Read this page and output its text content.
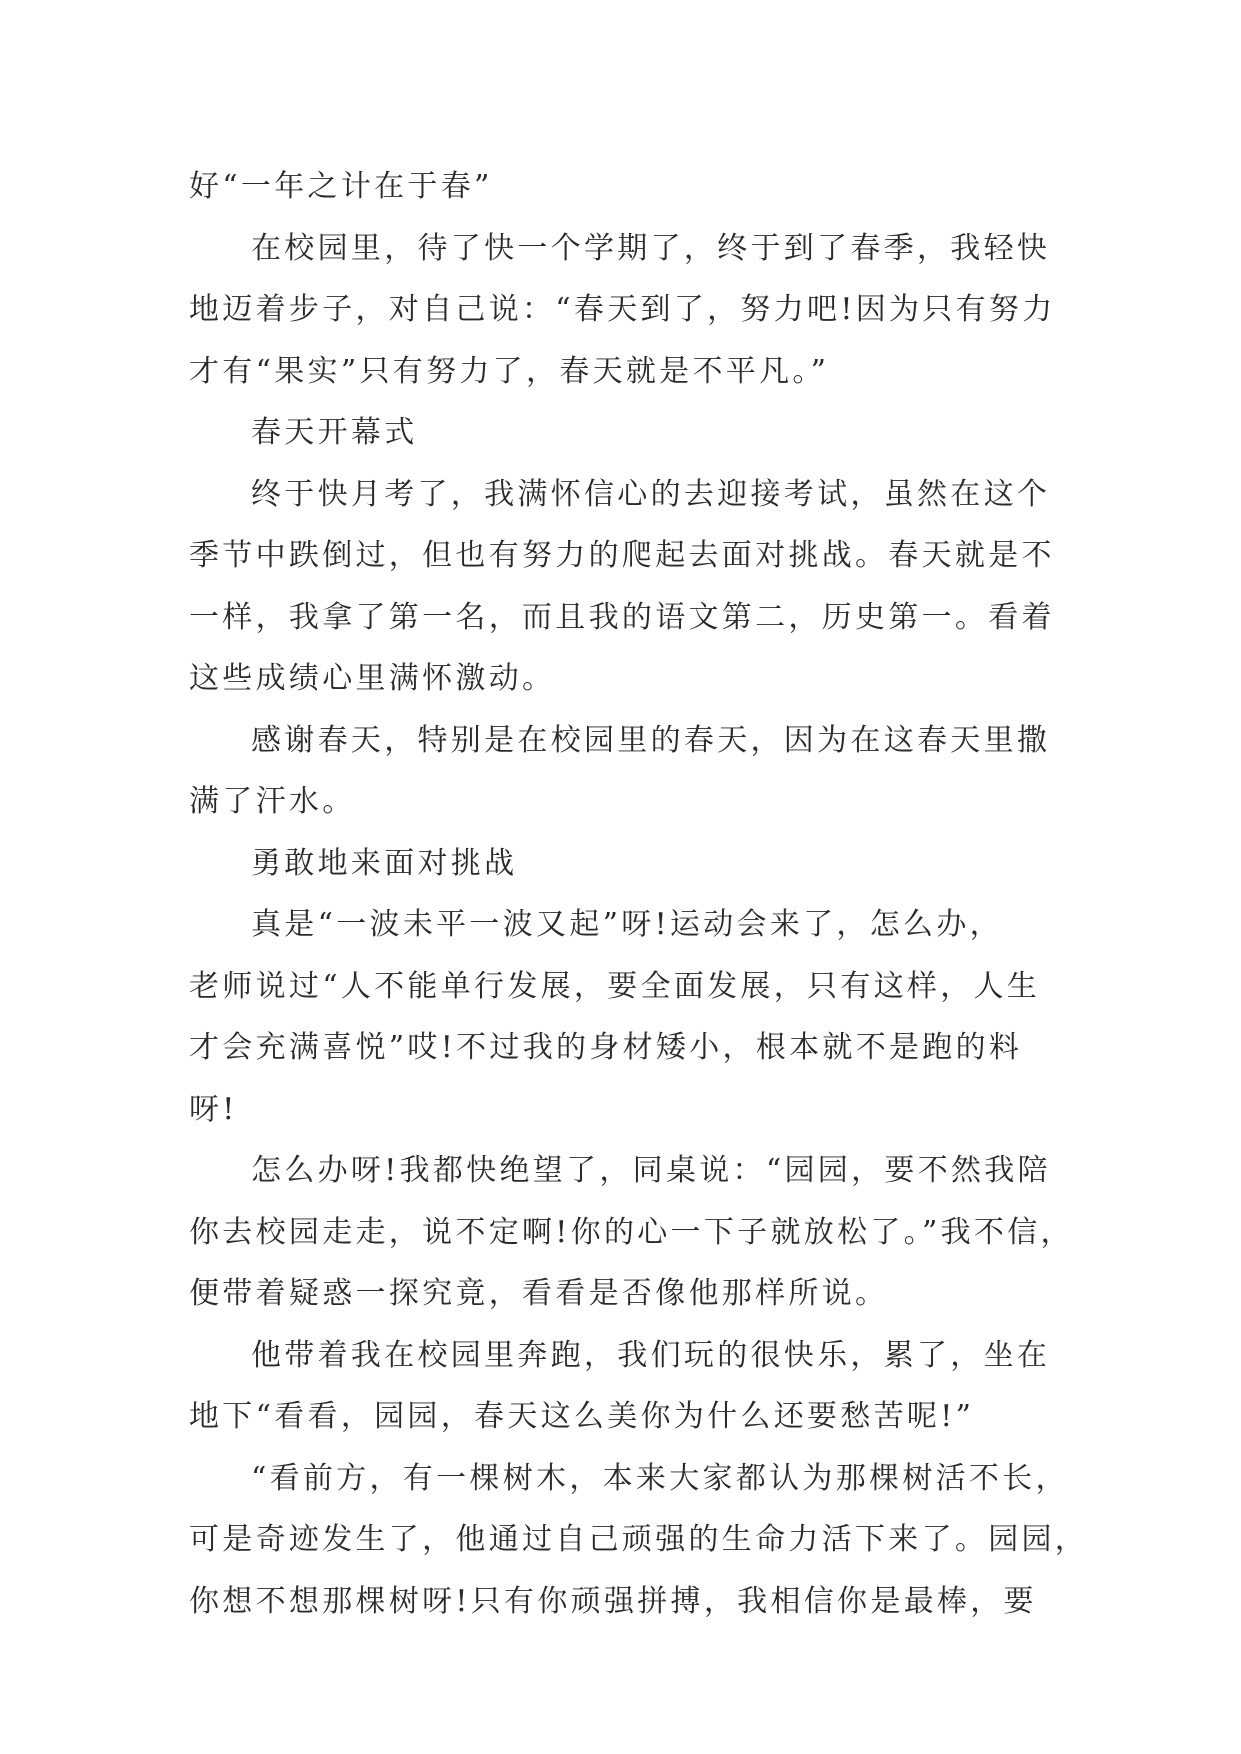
好“一年之计在于春”
在校园里，待了快一个学期了，终于到了春季，我轻快
地迈着步子，对自己说：“春天到了，努力吧!因为只有努力
才有“果实”只有努力了，春天就是不平凡。”
春天开幕式
终于快月考了，我满怀信心的去迎接考试，虽然在这个
季节中跌倒过，但也有努力的爬起去面对挑战。春天就是不
一样，我拿了第一名，而且我的语文第二，历史第一。看着
这些成绩心里满怀激动。
感谢春天，特别是在校园里的春天，因为在这春天里撒
满了汗水。
勇敢地来面对挑战
真是“一波未平一波又起”呀!运动会来了，怎么办，
老师说过“人不能单行发展，要全面发展，只有这样，人生
才会充满喜悦”哎!不过我的身材矮小，根本就不是跑的料
呀!
怎么办呀!我都快绝望了，同桌说：“园园，要不然我陪
你去校园走走，说不定啊!你的心一下子就放松了。”我不信，
便带着疑惑一探究竟，看看是否像他那样所说。
他带着我在校园里奔跑，我们玩的很快乐，累了，坐在
地下“看看，园园，春天这么美你为什么还要愁苦呢!”
“看前方，有一棵树木，本来大家都认为那棵树活不长，
可是奇迹发生了，他通过自己顽强的生命力活下来了。园园，
你想不想那棵树呀!只有你顽强拼搏，我相信你是最棒，要
